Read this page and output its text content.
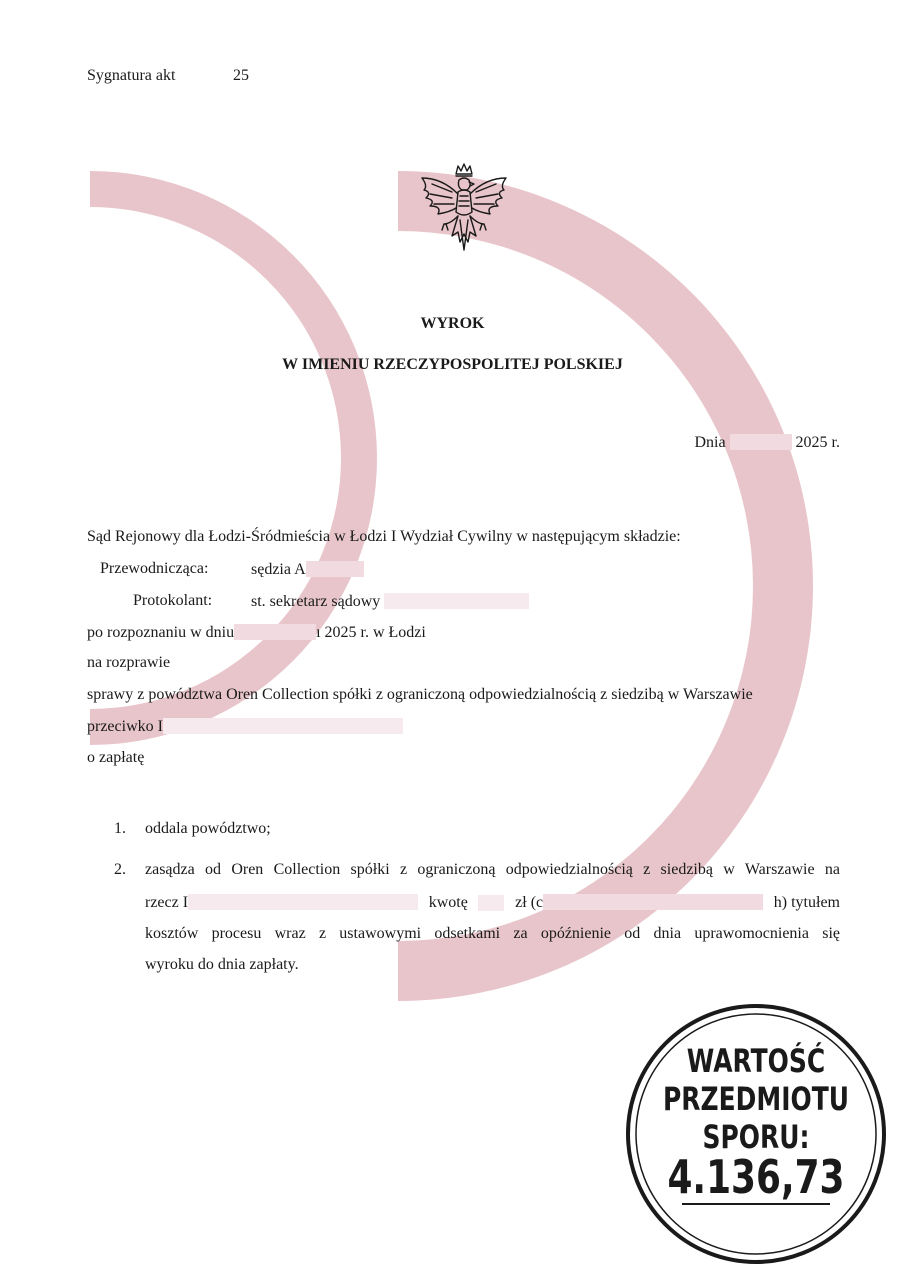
Sygnatura akt	25
WYROK
W IMIENIU RZECZYPOSPOLITEJ POLSKIEJ
Dnia	2025 r.
Sąd Rejonowy dla Łodzi-Śródmieścia w Łodzi I Wydział Cywilny w następującym składzie:
Przewodnicząca:	sędzia A
Protokolant: st. sekretarz sądowy
po rozpoznaniu w dniu	ı 2025 r. w Łodzi
na rozprawie
sprawy z powództwa Oren Collection spółki z ograniczoną odpowiedzialnością z siedzibą w Warszawie
przeciwko I
o zapłatę
1. oddala powództwo;
2. zasądza od Oren Collection spółki z ograniczoną odpowiedzialnością z siedzibą w Warszawie na
rzecz I	kwotę	zł (c	h) tytułem
kosztów procesu wraz z ustawowymi odsetkami za opóźnienie od dnia uprawomocnienia się
wyroku do dnia zapłaty.
WARTOŚĆ
PRZEDMIOTU
SPORU:
4.136,73
